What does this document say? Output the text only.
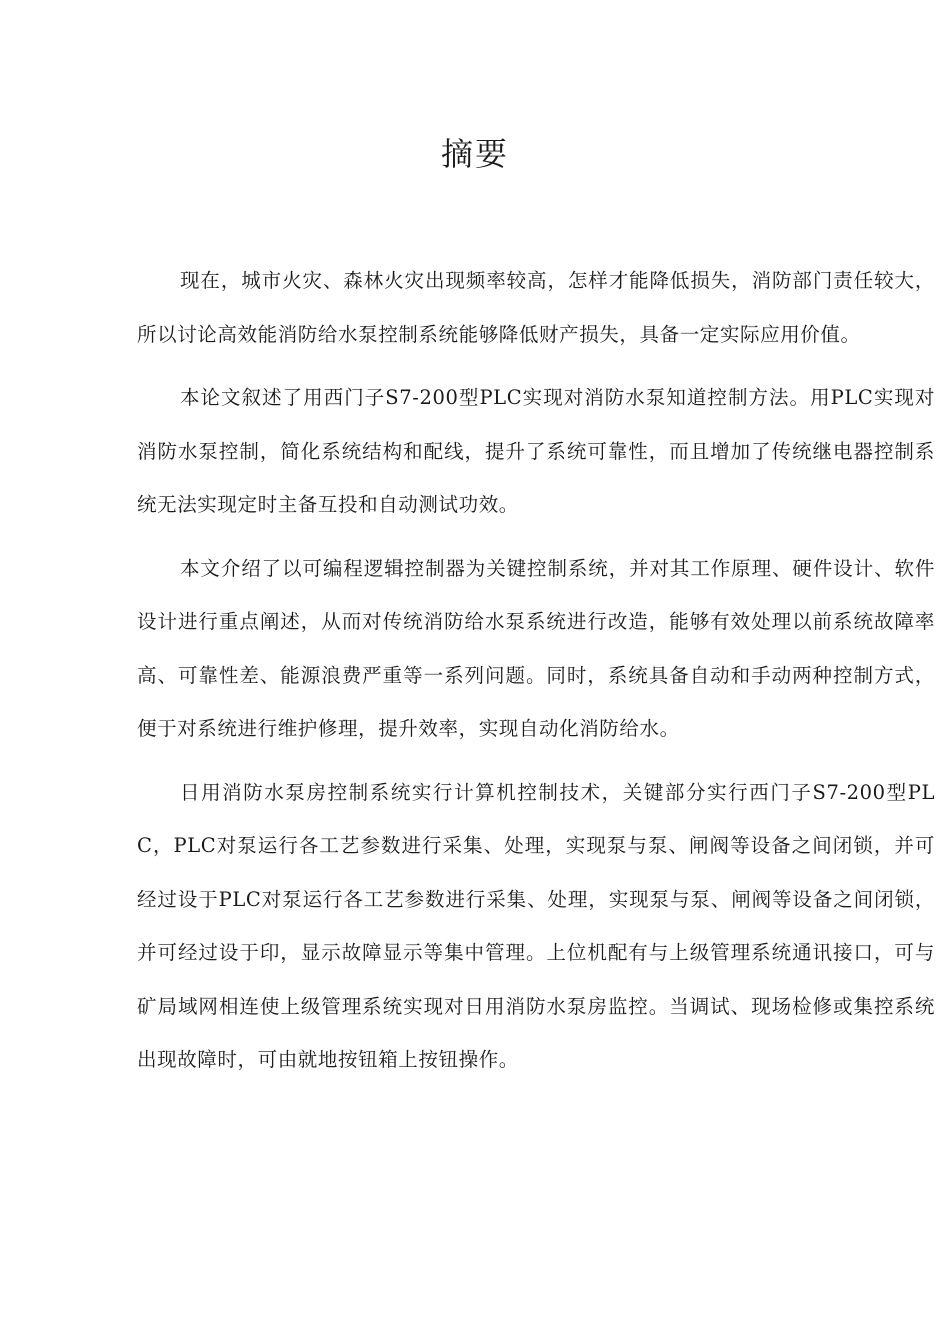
摘要

现在，城市火灾、森林火灾出现频率较高，怎样才能降低损失，消防部门责任较大，所以讨论高效能消防给水泵控制系统能够降低财产损失，具备一定实际应用价值。

本论文叙述了用西门子S7-200型PLC实现对消防水泵知道控制方法。用PLC实现对消防水泵控制，简化系统结构和配线，提升了系统可靠性，而且增加了传统继电器控制系统无法实现定时主备互投和自动测试功效。

本文介绍了以可编程逻辑控制器为关键控制系统，并对其工作原理、硬件设计、软件设计进行重点阐述，从而对传统消防给水泵系统进行改造，能够有效处理以前系统故障率高、可靠性差、能源浪费严重等一系列问题。同时，系统具备自动和手动两种控制方式，便于对系统进行维护修理，提升效率，实现自动化消防给水。

日用消防水泵房控制系统实行计算机控制技术，关键部分实行西门子S7-200型PLC，PLC对泵运行各工艺参数进行采集、处理，实现泵与泵、闸阀等设备之间闭锁，并可经过设于PLC对泵运行各工艺参数进行采集、处理，实现泵与泵、闸阀等设备之间闭锁，并可经过设于印，显示故障显示等集中管理。上位机配有与上级管理系统通讯接口，可与矿局域网相连使上级管理系统实现对日用消防水泵房监控。当调试、现场检修或集控系统出现故障时，可由就地按钮箱上按钮操作。
